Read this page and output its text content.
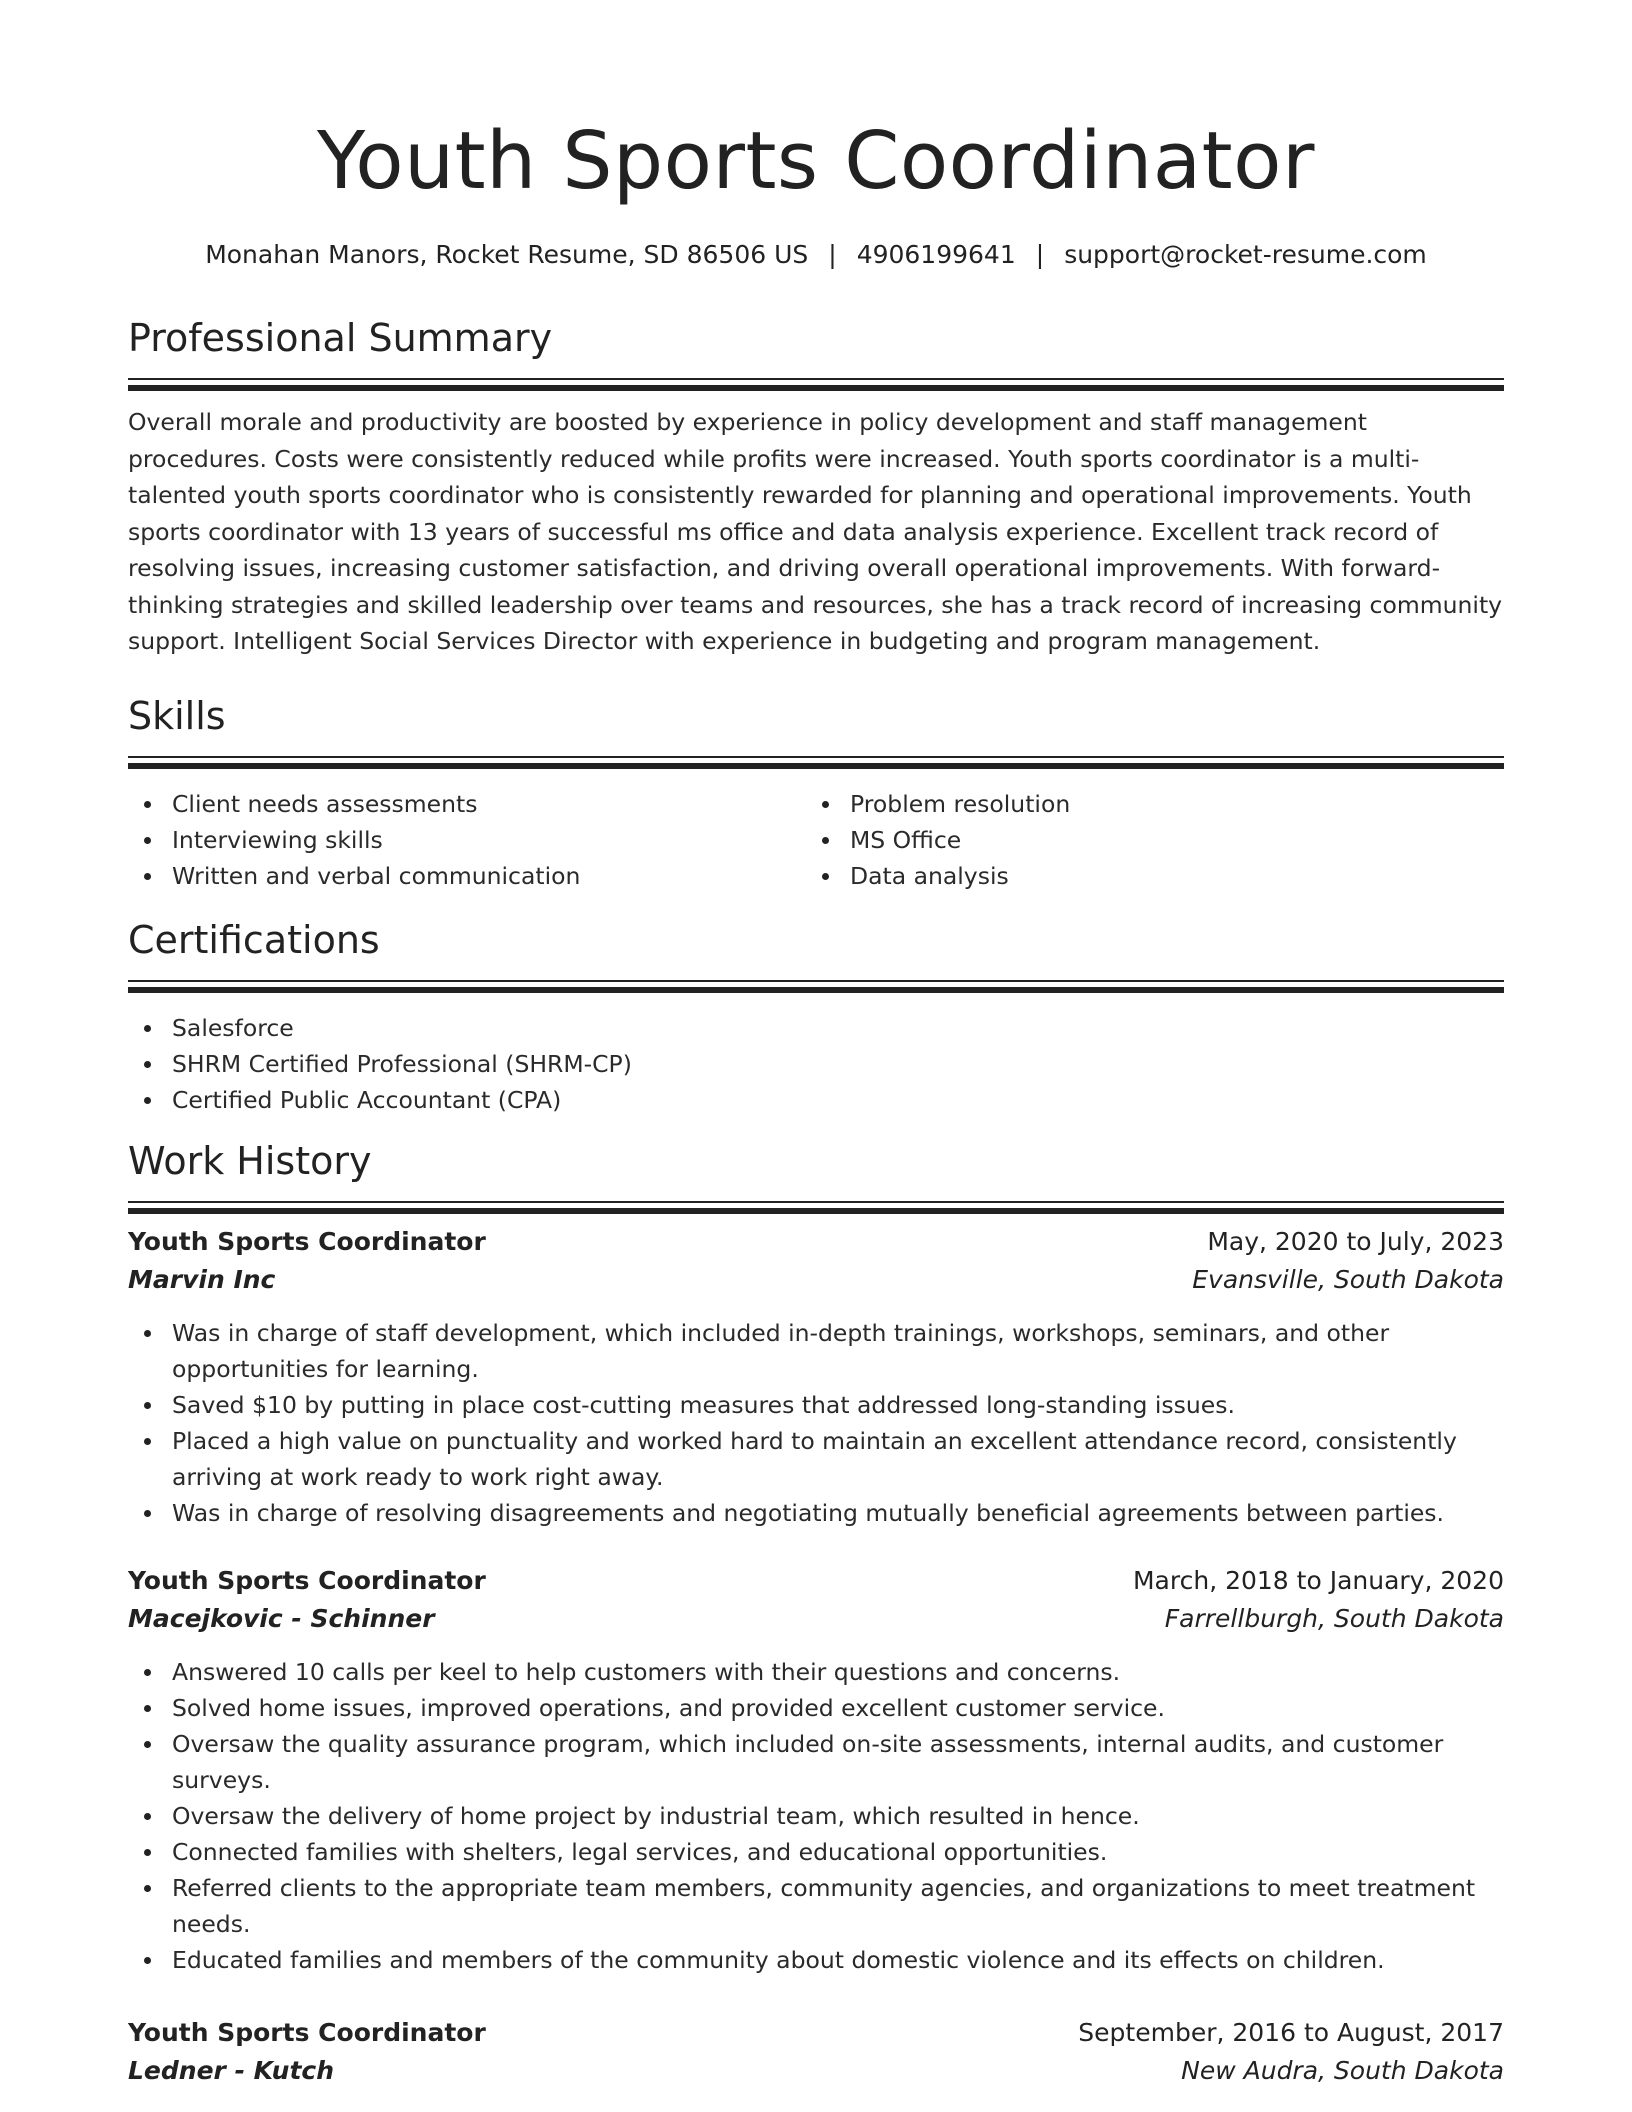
Youth Sports Coordinator
Monahan Manors, Rocket Resume, SD 86506 US | 4906199641 | support@rocket-resume.com
Professional Summary

Overall morale and productivity are boosted by experience in policy development and staff management procedures. Costs were consistently reduced while profits were increased. Youth sports coordinator is a multi-talented youth sports coordinator who is consistently rewarded for planning and operational improvements. Youth sports coordinator with 13 years of successful ms office and data analysis experience. Excellent track record of resolving issues, increasing customer satisfaction, and driving overall operational improvements. With forward-thinking strategies and skilled leadership over teams and resources, she has a track record of increasing community support. Intelligent Social Services Director with experience in budgeting and program management.

Skills
Client needs assessments
Interviewing skills
Written and verbal communication
Problem resolution
MS Office
Data analysis
Certifications
Salesforce
SHRM Certified Professional (SHRM-CP)
Certified Public Accountant (CPA)
Work History
Youth Sports Coordinator	May, 2020 to July, 2023
Marvin Inc	Evansville, South Dakota
Was in charge of staff development, which included in-depth trainings, workshops, seminars, and other opportunities for learning.
Saved $10 by putting in place cost-cutting measures that addressed long-standing issues.
Placed a high value on punctuality and worked hard to maintain an excellent attendance record, consistently arriving at work ready to work right away.
Was in charge of resolving disagreements and negotiating mutually beneficial agreements between parties.
Youth Sports Coordinator	March, 2018 to January, 2020
Macejkovic - Schinner	Farrellburgh, South Dakota
Answered 10 calls per keel to help customers with their questions and concerns.
Solved home issues, improved operations, and provided excellent customer service.
Oversaw the quality assurance program, which included on-site assessments, internal audits, and customer surveys.
Oversaw the delivery of home project by industrial team, which resulted in hence.
Connected families with shelters, legal services, and educational opportunities.
Referred clients to the appropriate team members, community agencies, and organizations to meet treatment needs.
Educated families and members of the community about domestic violence and its effects on children.
Youth Sports Coordinator	September, 2016 to August, 2017
Ledner - Kutch	New Audra, South Dakota
